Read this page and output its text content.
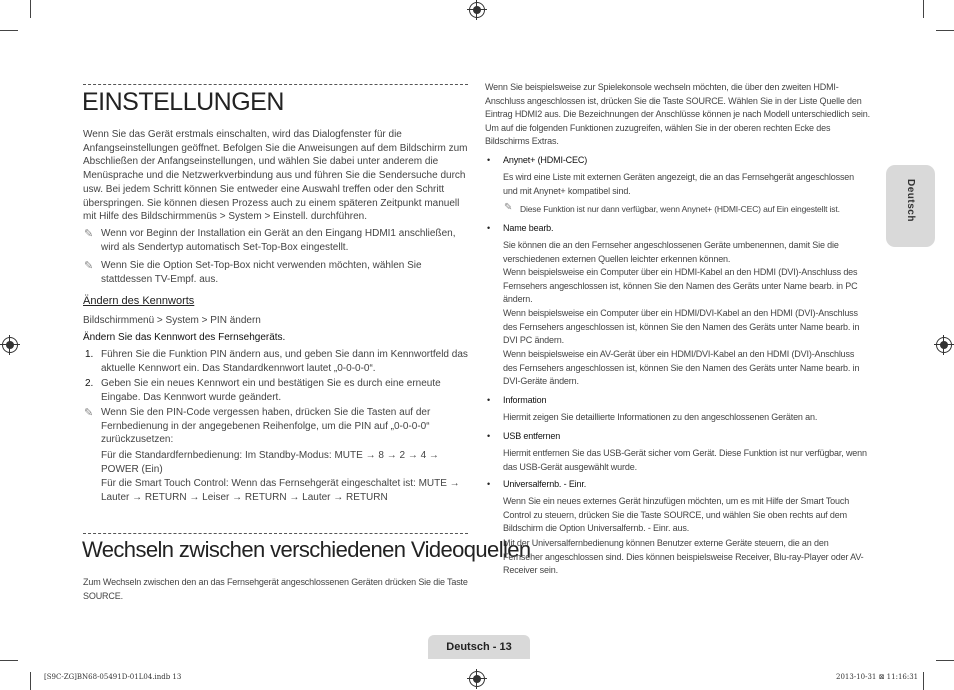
EINSTELLUNGEN
Wenn Sie das Gerät erstmals einschalten, wird das Dialogfenster für die Anfangseinstellungen geöffnet. Befolgen Sie die Anweisungen auf dem Bildschirm zum Abschließen der Anfangseinstellungen, und wählen Sie dabei unter anderem die Menüsprache und die Netzwerkverbindung aus und führen Sie die Sendersuche durch usw. Bei jedem Schritt können Sie entweder eine Auswahl treffen oder den Schritt überspringen. Sie können diesen Prozess auch zu einem späteren Zeitpunkt manuell mit Hilfe des Bildschirmmenüs > System > Einstell. durchführen.
✎ Wenn vor Beginn der Installation ein Gerät an den Eingang HDMI1 anschließen, wird als Sendertyp automatisch Set-Top-Box eingestellt.
✎ Wenn Sie die Option Set-Top-Box nicht verwenden möchten, wählen Sie stattdessen TV-Empf. aus.
Ändern des Kennworts
Bildschirmmenü > System > PIN ändern
Ändern Sie das Kennwort des Fernsehgeräts.
1. Führen Sie die Funktion PIN ändern aus, und geben Sie dann im Kennwortfeld das aktuelle Kennwort ein. Das Standardkennwort lautet „0-0-0-0“.
2. Geben Sie ein neues Kennwort ein und bestätigen Sie es durch eine erneute Eingabe. Das Kennwort wurde geändert.
✎ Wenn Sie den PIN-Code vergessen haben, drücken Sie die Tasten auf der Fernbedienung in der angegebenen Reihenfolge, um die PIN auf „0-0-0-0“ zurückzusetzen:
Für die Standardfernbedienung: Im Standby-Modus: MUTE → 8 → 2 → 4 → POWER (Ein)
Für die Smart Touch Control: Wenn das Fernsehgerät eingeschaltet ist: MUTE → Lauter → RETURN → Leiser → RETURN → Lauter → RETURN
Wechseln zwischen verschiedenen Videoquellen
Zum Wechseln zwischen den an das Fernsehgerät angeschlossenen Geräten drücken Sie die Taste SOURCE.
Wenn Sie beispielsweise zur Spielekonsole wechseln möchten, die über den zweiten HDMI-Anschluss angeschlossen ist, drücken Sie die Taste SOURCE. Wählen Sie in der Liste Quelle den Eintrag HDMI2 aus. Die Bezeichnungen der Anschlüsse können je nach Modell unterschiedlich sein. Um auf die folgenden Funktionen zuzugreifen, wählen Sie in der oberen rechten Ecke des Bildschirms Extras.
• Anynet+ (HDMI-CEC)
Es wird eine Liste mit externen Geräten angezeigt, die an das Fernsehgerät angeschlossen und mit Anynet+ kompatibel sind.
✎ Diese Funktion ist nur dann verfügbar, wenn Anynet+ (HDMI-CEC) auf Ein eingestellt ist.
• Name bearb.
Sie können die an den Fernseher angeschlossenen Geräte umbenennen, damit Sie die verschiedenen externen Quellen leichter erkennen können.
Wenn beispielsweise ein Computer über ein HDMI-Kabel an den HDMI (DVI)-Anschluss des Fernsehers angeschlossen ist, können Sie den Namen des Geräts unter Name bearb. in PC ändern.
Wenn beispielsweise ein Computer über ein HDMI/DVI-Kabel an den HDMI (DVI)-Anschluss des Fernsehers angeschlossen ist, können Sie den Namen des Geräts unter Name bearb. in DVI PC ändern.
Wenn beispielsweise ein AV-Gerät über ein HDMI/DVI-Kabel an den HDMI (DVI)-Anschluss des Fernsehers angeschlossen ist, können Sie den Namen des Geräts unter Name bearb. in DVI-Geräte ändern.
• Information
Hiermit zeigen Sie detaillierte Informationen zu den angeschlossenen Geräten an.
• USB entfernen
Hiermit entfernen Sie das USB-Gerät sicher vom Gerät. Diese Funktion ist nur verfügbar, wenn das USB-Gerät ausgewählt wurde.
• Universalfernb. - Einr.
Wenn Sie ein neues externes Gerät hinzufügen möchten, um es mit Hilfe der Smart Touch Control zu steuern, drücken Sie die Taste SOURCE, und wählen Sie oben rechts auf dem Bildschirm die Option Universalfernb. - Einr. aus.
Mit der Universalfernbedienung können Benutzer externe Geräte steuern, die an den Fernseher angeschlossen sind. Dies können beispielsweise Receiver, Blu-ray-Player oder AV-Receiver sein.
Deutsch
Deutsch - 13
[S9C-ZG]BN68-05491D-01L04.indb 13	2013-10-31 ⊠ 11:16:31
